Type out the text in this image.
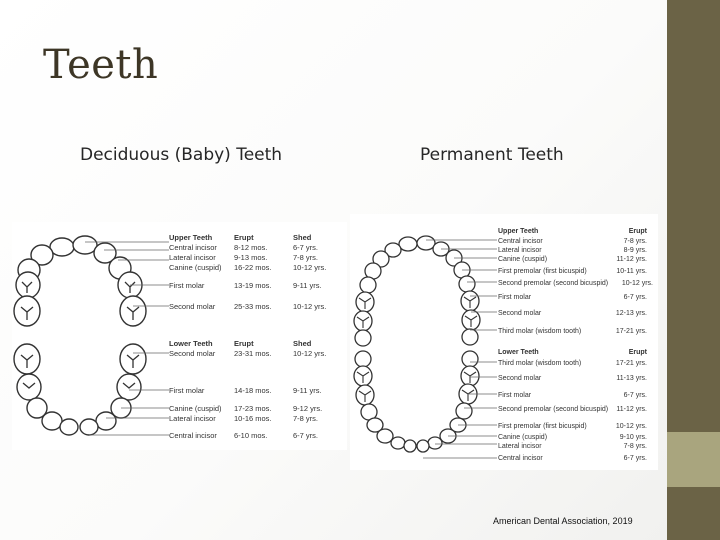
Teeth
Deciduous (Baby) Teeth	Permanent Teeth
Upper Teeth	Erupt	Shed
Central incisor 8-12 mos.	6-7 yrs.
Lateral incisor 9-13 mos.	7-8 yrs.
Canine (cuspid) 16-22 mos.	10-12 yrs.
First molar	13-19 mos.	9-11 yrs.
Second molar 25-33 mos.	10-12 yrs.
Lower Teeth	Erupt	Shed
Second molar 23-31 mos.	10-12 yrs.
First molar	14-18 mos.	9-11 yrs.
Canine (cuspid) 17-23 mos.	9-12 yrs.
Lateral incisor 10-16 mos.	7-8 yrs.
Central incisor 6-10 mos.	6-7 yrs.
Upper Teeth	Erupt
Central incisor	7-8 yrs.
Lateral incisor	8-9 yrs.
Canine (cuspid)	11-12 yrs.
First premolar (first bicuspid)	10-11 yrs.
Second premolar (second bicuspid) 10-12 yrs.
First molar	6-7 yrs.
Second molar	12-13 yrs.
Third molar (wisdom tooth)	17-21 yrs.
Lower Teeth	Erupt
Third molar (wisdom tooth)	17-21 yrs.
Second molar	11-13 yrs.
First molar	6-7 yrs.
Second premolar (second bicuspid) 11-12 yrs.
First premolar (first bicuspid)	10-12 yrs.
Canine (cuspid)	9-10 yrs.
Lateral incisor	7-8 yrs.
Central incisor	6-7 yrs.
American Dental Association, 2019
